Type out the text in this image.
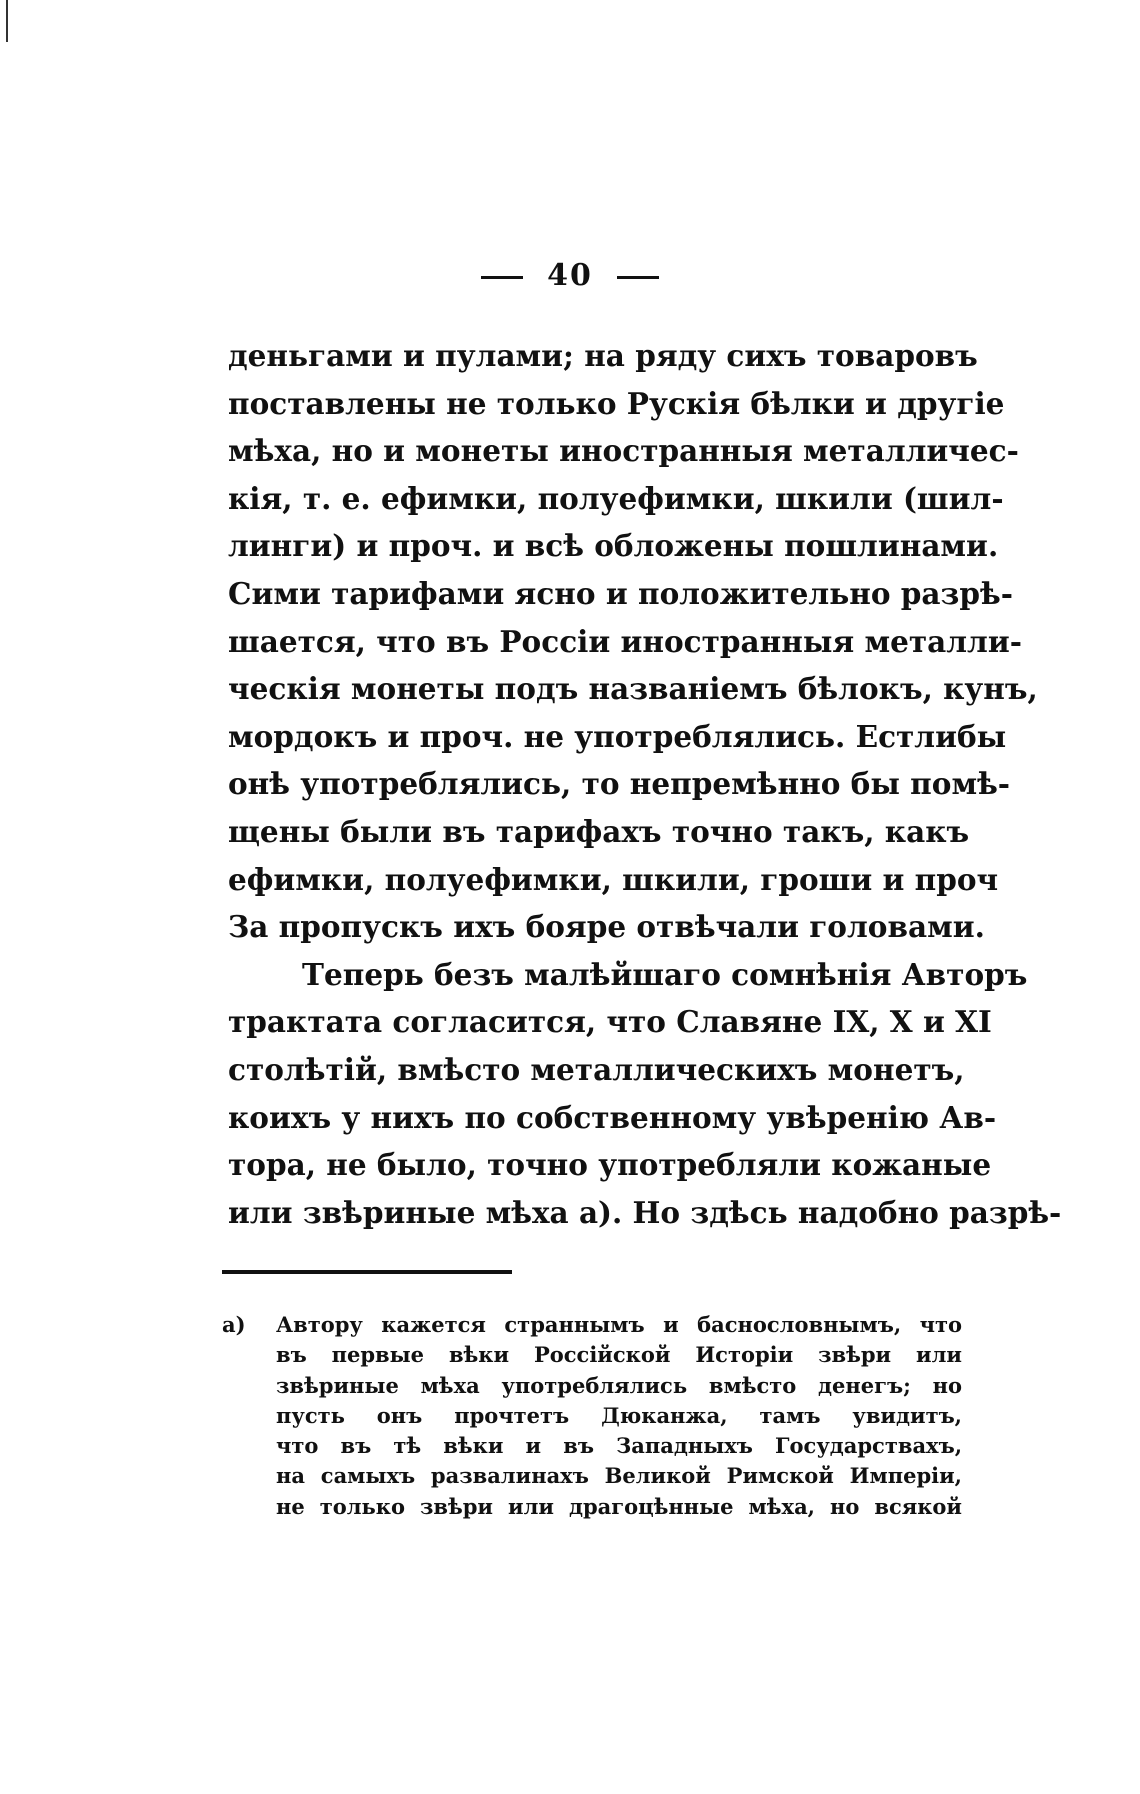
40
деньгами и пулами; на ряду сихъ товаровъ
поставлены не только Рускія бѣлки и другіе
мѣха, но и монеты иностранныя металличес-
кія, т. е. ефимки, полуефимки, шкили (шил-
линги) и проч. и всѣ обложены пошлинами.
Сими тарифами ясно и положительно разрѣ-
шается, что въ Россіи иностранныя металли-
ческія монеты подъ названіемъ бѣлокъ, кунъ,
мордокъ и проч. не употреблялись. Естлибы
онѣ употреблялись, то непремѣнно бы помѣ-
щены были въ тарифахъ точно такъ, какъ
ефимки, полуефимки, шкили, гроши и проч
За пропускъ ихъ бояре отвѣчали головами.
Теперь безъ малѣйшаго сомнѣнія Авторъ
трактата согласится, что Славяне IX, X и XI
столѣтій, вмѣсто металлическихъ монетъ,
коихъ у нихъ по собственному увѣренію Ав-
тора, не было, точно употребляли кожаные
или звѣриные мѣха а). Но здѣсь надобно разрѣ-
a) Автору кажется страннымъ и баснословнымъ, что
въ первые вѣки Россійской Исторіи звѣри или
звѣриные мѣха употреблялись вмѣсто денегъ; но
пусть онъ прочтетъ Дюканжа, тамъ увидитъ,
что въ тѣ вѣки и въ Западныхъ Государствахъ,
на самыхъ развалинахъ Великой Римской Имперіи,
не только звѣри или драгоцѣнные мѣха, но всякой
